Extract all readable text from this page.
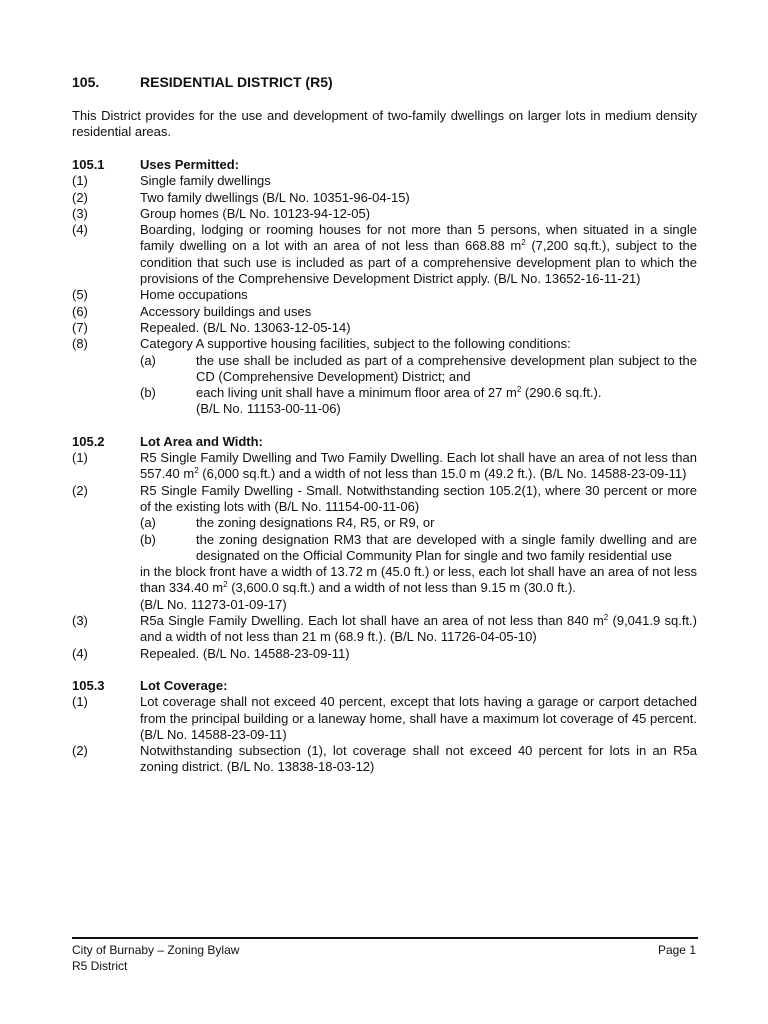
105.	RESIDENTIAL DISTRICT (R5)
This District provides for the use and development of two-family dwellings on larger lots in medium density residential areas.
105.1	Uses Permitted:
(1)	Single family dwellings
(2)	Two family dwellings (B/L No. 10351-96-04-15)
(3)	Group homes (B/L No. 10123-94-12-05)
(4)	Boarding, lodging or rooming houses for not more than 5 persons, when situated in a single family dwelling on a lot with an area of not less than 668.88 $m^2$ (7,200 sq.ft.), subject to the condition that such use is included as part of a comprehensive development plan to which the provisions of the Comprehensive Development District apply. (B/L No. 13652-16-11-21)
(5)	Home occupations
(6)	Accessory buildings and uses
(7)	Repealed. (B/L No. 13063-12-05-14)
(8)	Category A supportive housing facilities, subject to the following conditions:
(a)	the use shall be included as part of a comprehensive development plan subject to the CD (Comprehensive Development) District; and
(b)	each living unit shall have a minimum floor area of 27 $m^2$ (290.6 sq.ft.).
(B/L No. 11153-00-11-06)
105.2	Lot Area and Width:
(1)	R5 Single Family Dwelling and Two Family Dwelling. Each lot shall have an area of not less than 557.40 $m^2$ (6,000 sq.ft.) and a width of not less than 15.0 m (49.2 ft.). (B/L No. 14588-23-09-11)
(2)	R5 Single Family Dwelling - Small. Notwithstanding section 105.2(1), where 30 percent or more of the existing lots with (B/L No. 11154-00-11-06)
(a)	the zoning designations R4, R5, or R9, or
(b)	the zoning designation RM3 that are developed with a single family dwelling and are designated on the Official Community Plan for single and two family residential use
in the block front have a width of 13.72 m (45.0 ft.) or less, each lot shall have an area of not less than 334.40 $m^2$ (3,600.0 sq.ft.) and a width of not less than 9.15 m (30.0 ft.).
(B/L No. 11273-01-09-17)
(3)	R5a Single Family Dwelling. Each lot shall have an area of not less than 840 $m^2$ (9,041.9 sq.ft.) and a width of not less than 21 m (68.9 ft.). (B/L No. 11726-04-05-10)
(4)	Repealed. (B/L No. 14588-23-09-11)
105.3	Lot Coverage:
(1)	Lot coverage shall not exceed 40 percent, except that lots having a garage or carport detached from the principal building or a laneway home, shall have a maximum lot coverage of 45 percent. (B/L No. 14588-23-09-11)
(2)	Notwithstanding subsection (1), lot coverage shall not exceed 40 percent for lots in an R5a zoning district. (B/L No. 13838-18-03-12)
City of Burnaby – Zoning Bylaw
R5 District
Page 1
